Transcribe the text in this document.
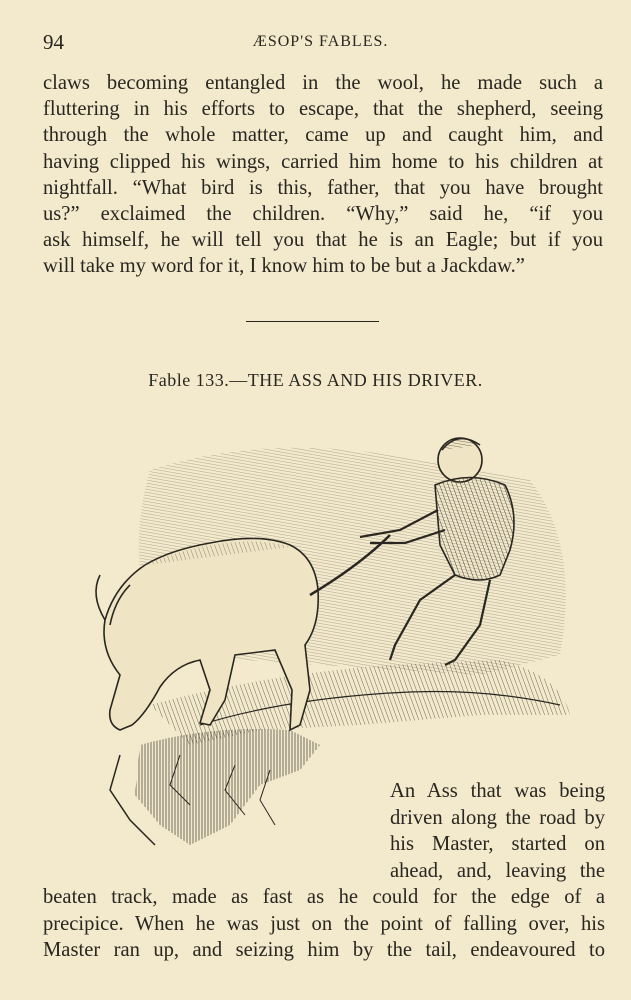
94	ÆSOP'S FABLES.

claws becoming entangled in the wool, he made such a
fluttering in his efforts to escape, that the shepherd, seeing
through the whole matter, came up and caught him, and
having clipped his wings, carried him home to his children at
nightfall. “What bird is this, father, that you have brought
us?” exclaimed the children. “Why,” said he, “if you
ask himself, he will tell you that he is an Eagle; but if you
will take my word for it, I know him to be but a Jackdaw.”

Fable 133.—THE ASS AND HIS DRIVER.
An Ass that was being
driven along the road by
his Master, started on
ahead, and, leaving the
beaten track, made as fast as he could for the edge of a
precipice. When he was just on the point of falling over, his
Master ran up, and seizing him by the tail, endeavoured to
